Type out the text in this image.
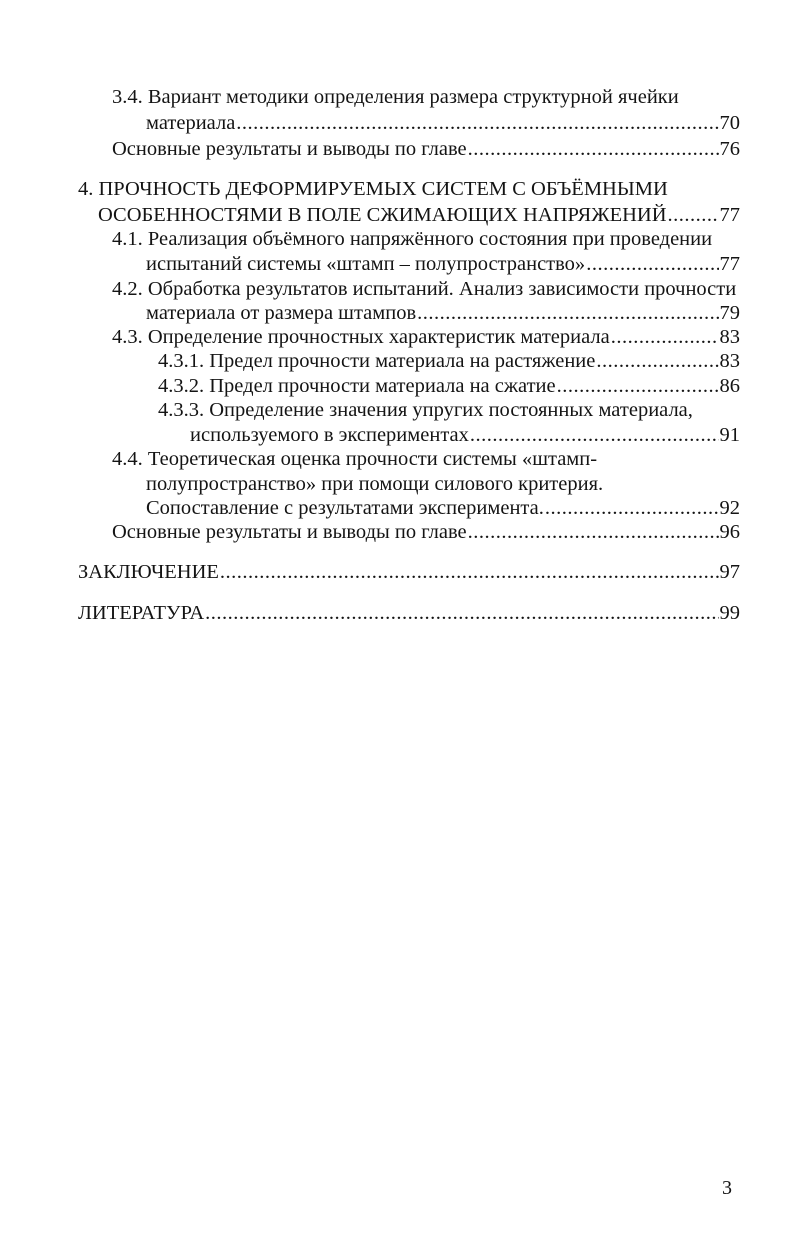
3.4. Вариант методики определения размера структурной ячейки
материала .....	70
Основные результаты и выводы по главе .....	76
4. ПРОЧНОСТЬ ДЕФОРМИРУЕМЫХ СИСТЕМ С ОБЪЁМНЫМИ
ОСОБЕННОСТЯМИ В ПОЛЕ СЖИМАЮЩИХ НАПРЯЖЕНИЙ .....	77
4.1. Реализация объёмного напряжённого состояния при проведении
испытаний системы «штамп – полупространство» .....	77
4.2. Обработка результатов испытаний. Анализ зависимости прочности
материала от размера штампов .....	79
4.3. Определение прочностных характеристик материала .....	83
4.3.1. Предел прочности материала на растяжение .....	83
4.3.2. Предел прочности материала на сжатие .....	86
4.3.3. Определение значения упругих постоянных материала,
используемого в экспериментах .....	91
4.4. Теоретическая оценка прочности системы «штамп-
полупространство» при помощи силового критерия.
Сопоставление с результатами эксперимента. .....	92
Основные результаты и выводы по главе .....	96
ЗАКЛЮЧЕНИЕ .....	97
ЛИТЕРАТУРА .....	99
3
